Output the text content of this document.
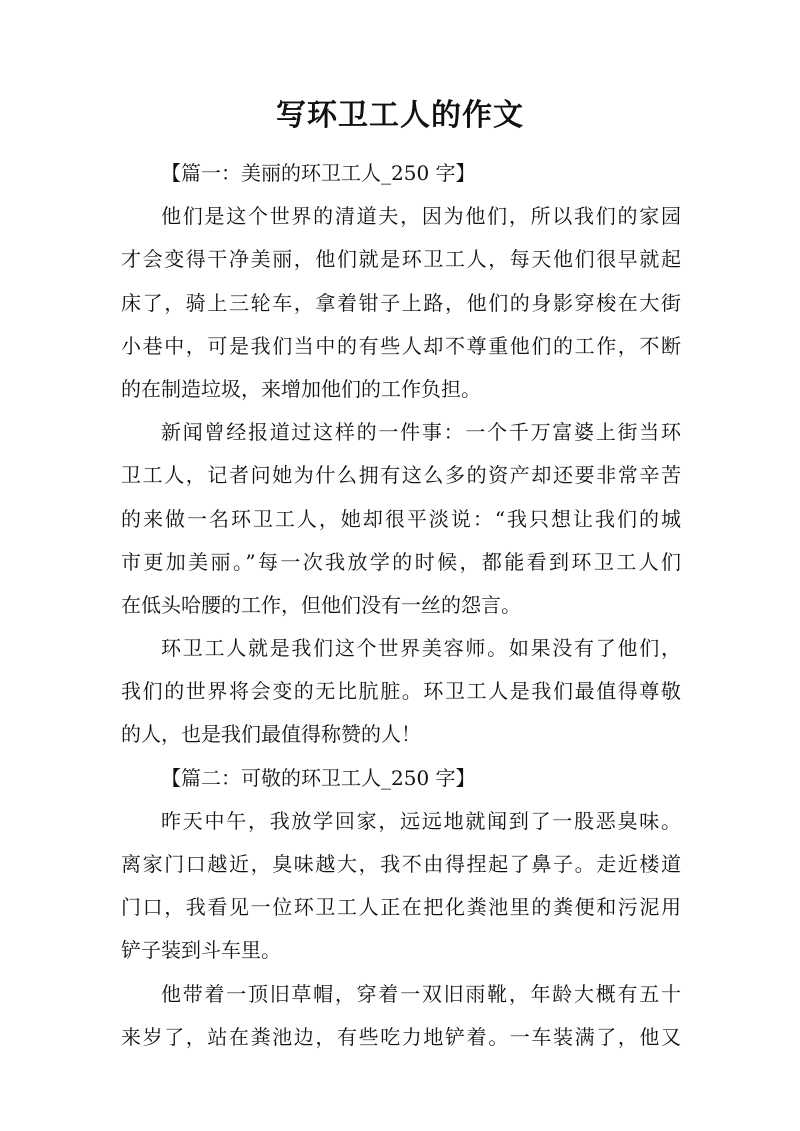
写环卫工人的作文
【篇一：美丽的环卫工人_250 字】
他们是这个世界的清道夫，因为他们，所以我们的家园
才会变得干净美丽，他们就是环卫工人，每天他们很早就起
床了，骑上三轮车，拿着钳子上路，他们的身影穿梭在大街
小巷中，可是我们当中的有些人却不尊重他们的工作，不断
的在制造垃圾，来增加他们的工作负担。
新闻曾经报道过这样的一件事：一个千万富婆上街当环
卫工人，记者问她为什么拥有这么多的资产却还要非常辛苦
的来做一名环卫工人，她却很平淡说：“我只想让我们的城
市更加美丽。”每一次我放学的时候，都能看到环卫工人们
在低头哈腰的工作，但他们没有一丝的怨言。
环卫工人就是我们这个世界美容师。如果没有了他们，
我们的世界将会变的无比肮脏。环卫工人是我们最值得尊敬
的人，也是我们最值得称赞的人！
【篇二：可敬的环卫工人_250 字】
昨天中午，我放学回家，远远地就闻到了一股恶臭味。
离家门口越近，臭味越大，我不由得捏起了鼻子。走近楼道
门口，我看见一位环卫工人正在把化粪池里的粪便和污泥用
铲子装到斗车里。
他带着一顶旧草帽，穿着一双旧雨靴，年龄大概有五十
来岁了，站在粪池边，有些吃力地铲着。一车装满了，他又
